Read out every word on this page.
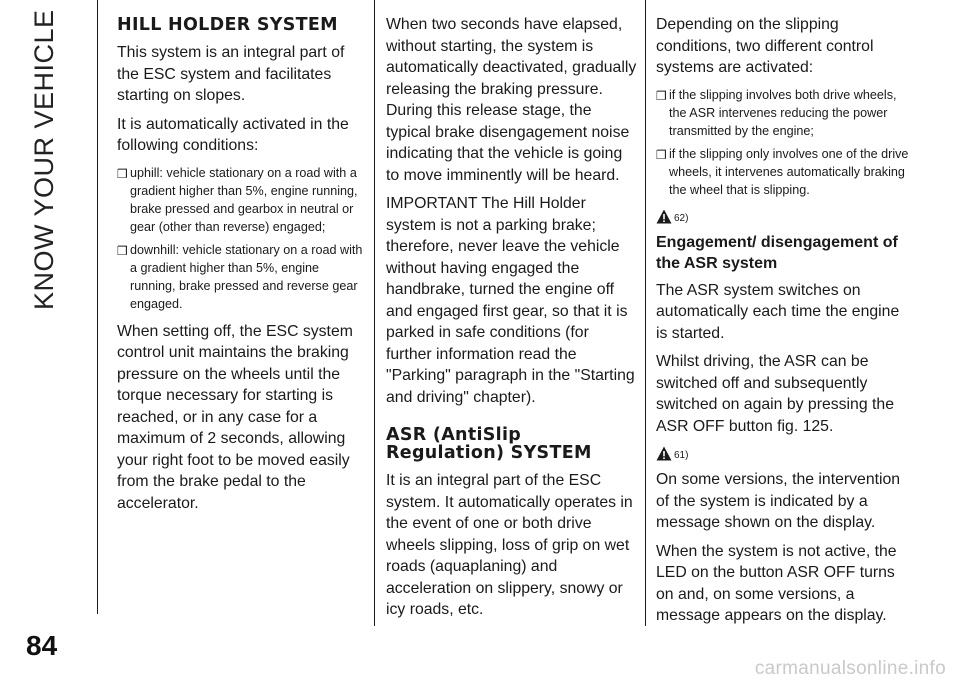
KNOW YOUR VEHICLE
84
HILL HOLDER SYSTEM

This system is an integral part of the ESC system and facilitates starting on slopes.

It is automatically activated in the following conditions:

❒ uphill: vehicle stationary on a road with a gradient higher than 5%, engine running, brake pressed and gearbox in neutral or gear (other than reverse) engaged;
❒ downhill: vehicle stationary on a road with a gradient higher than 5%, engine running, brake pressed and reverse gear engaged.

When setting off, the ESC system control unit maintains the braking pressure on the wheels until the torque necessary for starting is reached, or in any case for a maximum of 2 seconds, allowing your right foot to be moved easily from the brake pedal to the accelerator.

When two seconds have elapsed, without starting, the system is automatically deactivated, gradually releasing the braking pressure. During this release stage, the typical brake disengagement noise indicating that the vehicle is going to move imminently will be heard.

IMPORTANT The Hill Holder system is not a parking brake; therefore, never leave the vehicle without having engaged the handbrake, turned the engine off and engaged first gear, so that it is parked in safe conditions (for further information read the "Parking" paragraph in the "Starting and driving" chapter).

ASR (AntiSlip
Regulation) SYSTEM

It is an integral part of the ESC system. It automatically operates in the event of one or both drive wheels slipping, loss of grip on wet roads (aquaplaning) and acceleration on slippery, snowy or icy roads, etc.

Depending on the slipping conditions, two different control systems are activated:

❒ if the slipping involves both drive wheels, the ASR intervenes reducing the power transmitted by the engine;
❒ if the slipping only involves one of the drive wheels, it intervenes automatically braking the wheel that is slipping.
62)
Engagement/ disengagement of
the ASR system

The ASR system switches on automatically each time the engine is started.

Whilst driving, the ASR can be switched off and subsequently switched on again by pressing the ASR OFF button fig. 125.

61)

On some versions, the intervention of the system is indicated by a message shown on the display.

When the system is not active, the LED on the button ASR OFF turns on and, on some versions, a message appears on the display.

carmanualsonline.info
